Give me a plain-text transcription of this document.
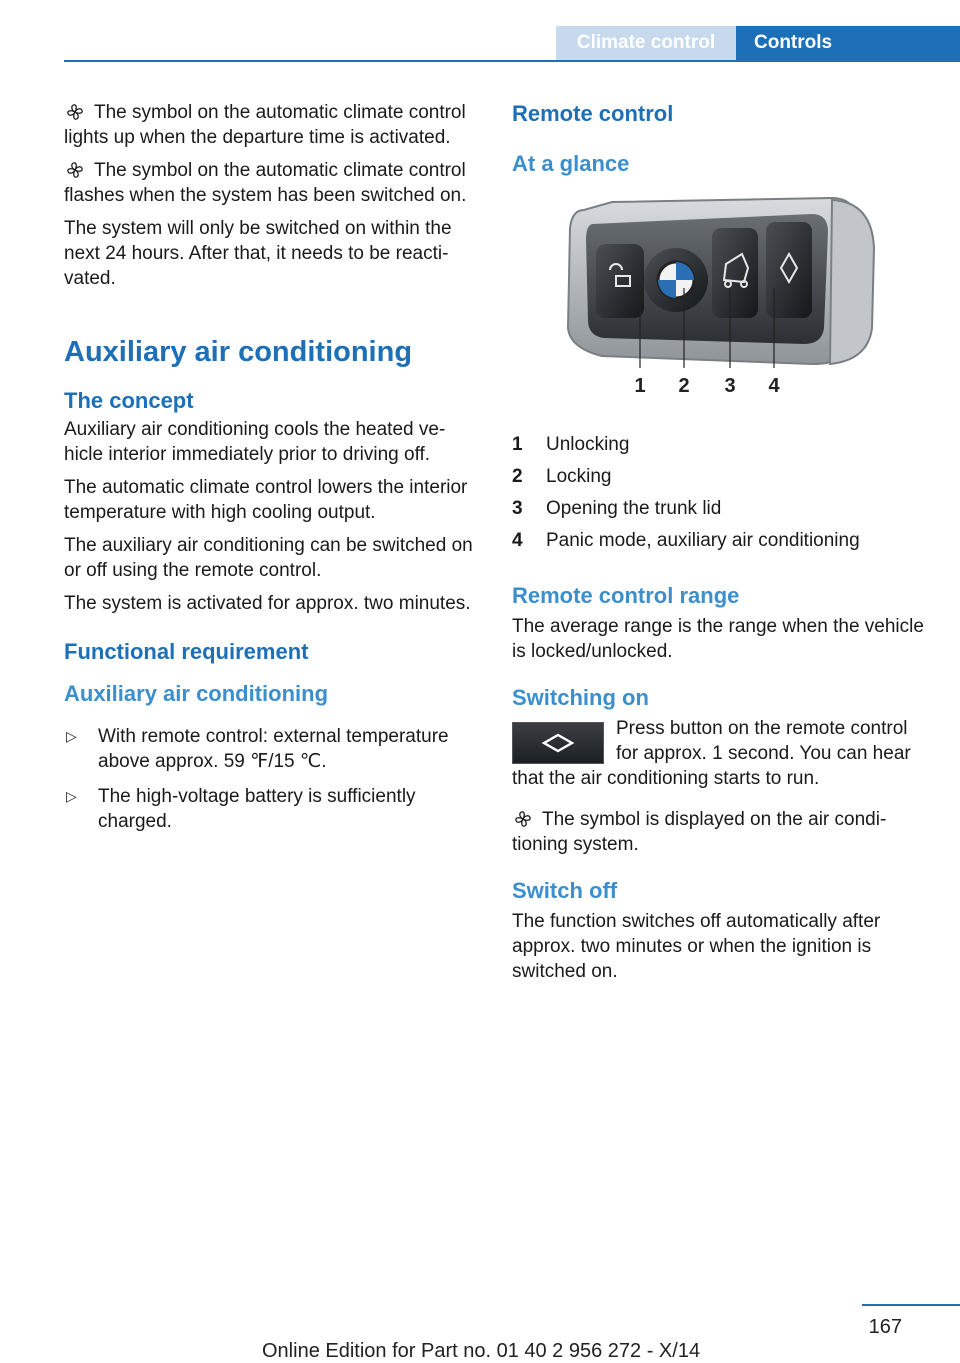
Climate control	Controls

The symbol on the automatic climate control lights up when the departure time is activated.

The symbol on the automatic climate control flashes when the system has been switched on.

The system will only be switched on within the next 24 hours. After that, it needs to be reactivated.

Auxiliary air conditioning
The concept

Auxiliary air conditioning cools the heated vehicle interior immediately prior to driving off.

The automatic climate control lowers the interior temperature with high cooling output.

The auxiliary air conditioning can be switched on or off using the remote control.

The system is activated for approx. two minutes.

Functional requirement
Auxiliary air conditioning
▷ With remote control: external temperature above approx. 59 ℉/15 ℃.
▷ The high-voltage battery is sufficiently charged.
Remote control
At a glance
1 2 3 4
1	Unlocking
2	Locking
3	Opening the trunk lid
4	Panic mode, auxiliary air conditioning
Remote control range

The average range is the range when the vehicle is locked/unlocked.

Switching on

Press button on the remote control for approx. 1 second. You can hear that the air conditioning starts to run.

The symbol is displayed on the air conditioning system.

Switch off

The function switches off automatically after approx. two minutes or when the ignition is switched on.

167
Online Edition for Part no. 01 40 2 956 272 - X/14
